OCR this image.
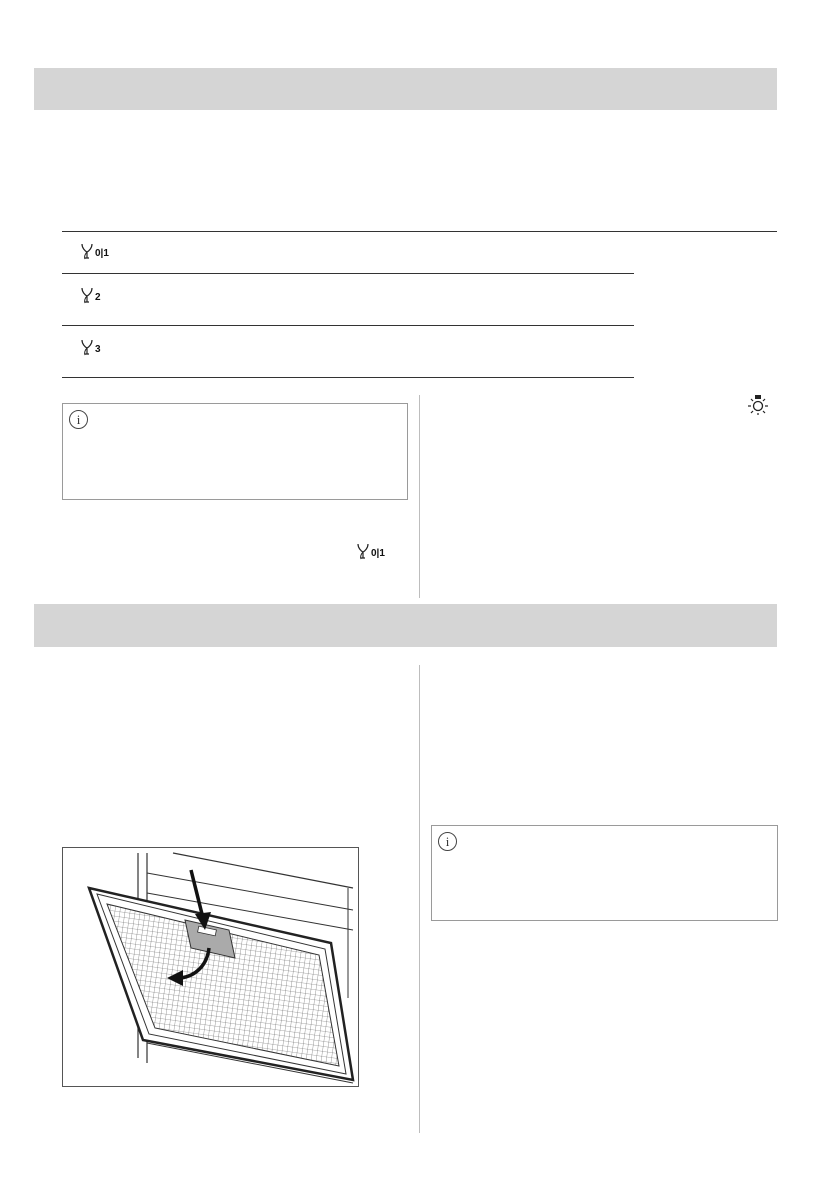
0|1
2
3
i
0|1
i
